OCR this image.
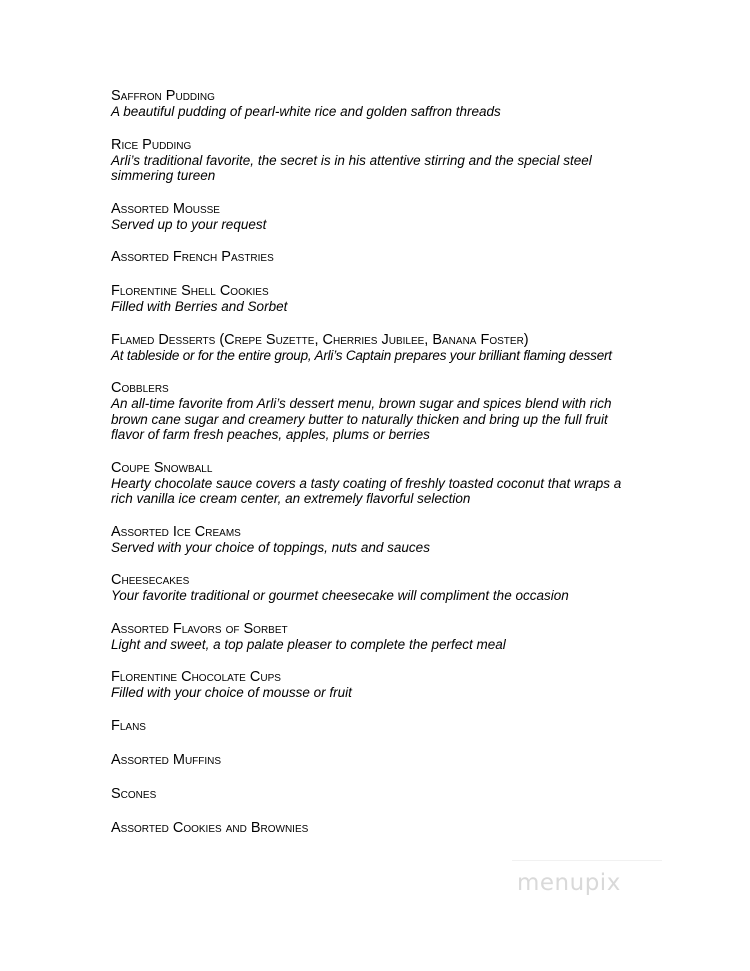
Saffron Pudding
A beautiful pudding of pearl-white rice and golden saffron threads
Rice Pudding
Arli’s traditional favorite, the secret is in his attentive stirring and the special steel simmering tureen
Assorted Mousse
Served up to your request
Assorted French Pastries
Florentine Shell Cookies
Filled with Berries and Sorbet
Flamed Desserts (Crepe Suzette, Cherries Jubilee, Banana Foster)
At tableside or for the entire group, Arli’s Captain prepares your brilliant flaming dessert
Cobblers
An all-time favorite from Arli’s dessert menu, brown sugar and spices blend with rich brown cane sugar and creamery butter to naturally thicken and bring up the full fruit flavor of farm fresh peaches, apples, plums or berries
Coupe Snowball
Hearty chocolate sauce covers a tasty coating of freshly toasted coconut that wraps a rich vanilla ice cream center, an extremely flavorful selection
Assorted Ice Creams
Served with your choice of toppings, nuts and sauces
Cheesecakes
Your favorite traditional or gourmet cheesecake will compliment the occasion
Assorted Flavors of Sorbet
Light and sweet, a top palate pleaser to complete the perfect meal
Florentine Chocolate Cups
Filled with your choice of mousse or fruit
Flans
Assorted Muffins
Scones
Assorted Cookies and Brownies
menupix
